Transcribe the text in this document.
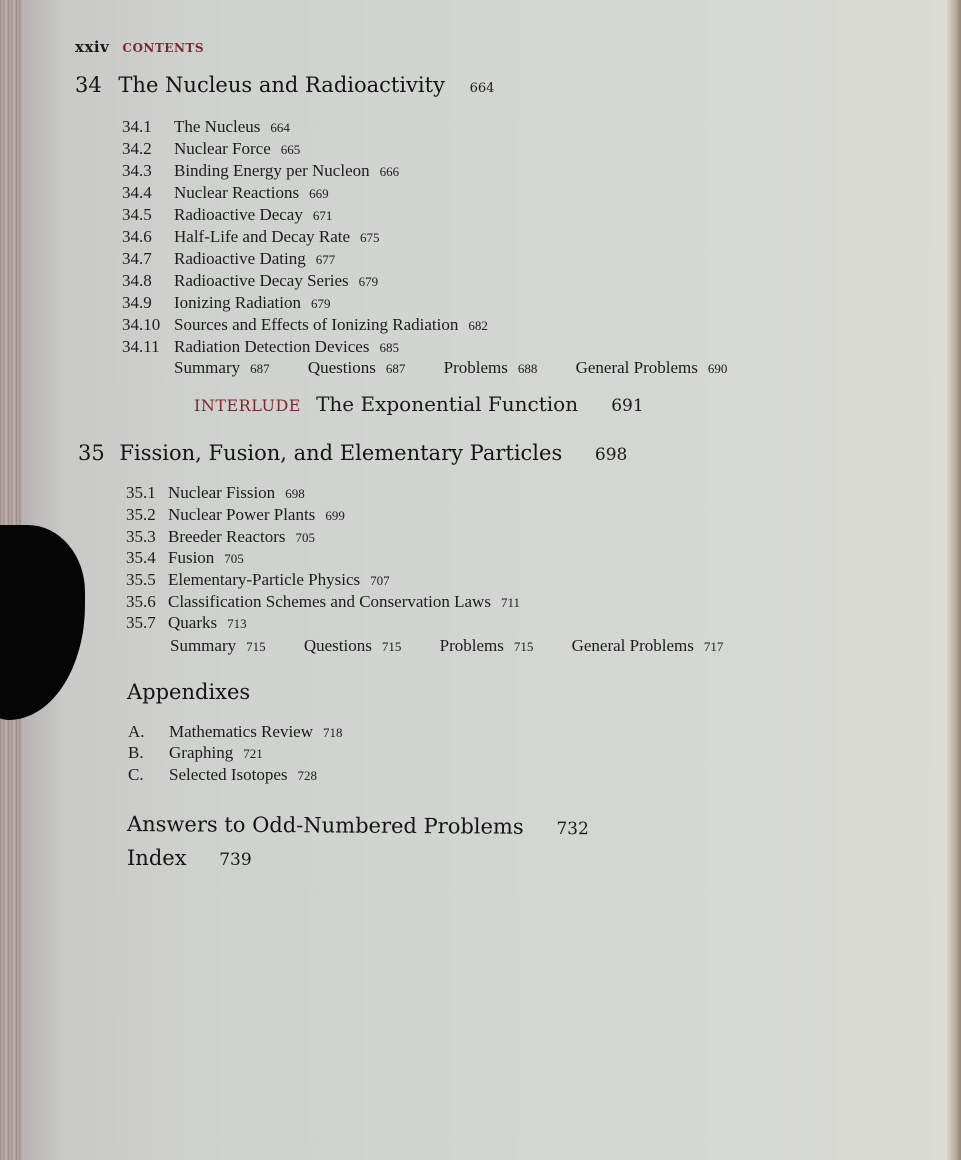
xxiv CONTENTS
34 The Nucleus and Radioactivity 664
34.1 The Nucleus 664
34.2 Nuclear Force 665
34.3 Binding Energy per Nucleon 666
34.4 Nuclear Reactions 669
34.5 Radioactive Decay 671
34.6 Half-Life and Decay Rate 675
34.7 Radioactive Dating 677
34.8 Radioactive Decay Series 679
34.9 Ionizing Radiation 679
34.10 Sources and Effects of Ionizing Radiation 682
34.11 Radiation Detection Devices 685
Summary 687 Questions 687 Problems 688 General Problems 690
INTERLUDE The Exponential Function 691
35 Fission, Fusion, and Elementary Particles 698
35.1 Nuclear Fission 698
35.2 Nuclear Power Plants 699
35.3 Breeder Reactors 705
35.4 Fusion 705
35.5 Elementary-Particle Physics 707
35.6 Classification Schemes and Conservation Laws 711
35.7 Quarks 713
Summary 715 Questions 715 Problems 715 General Problems 717
Appendixes
A. Mathematics Review 718
B. Graphing 721
C. Selected Isotopes 728
Answers to Odd-Numbered Problems 732
Index 739
